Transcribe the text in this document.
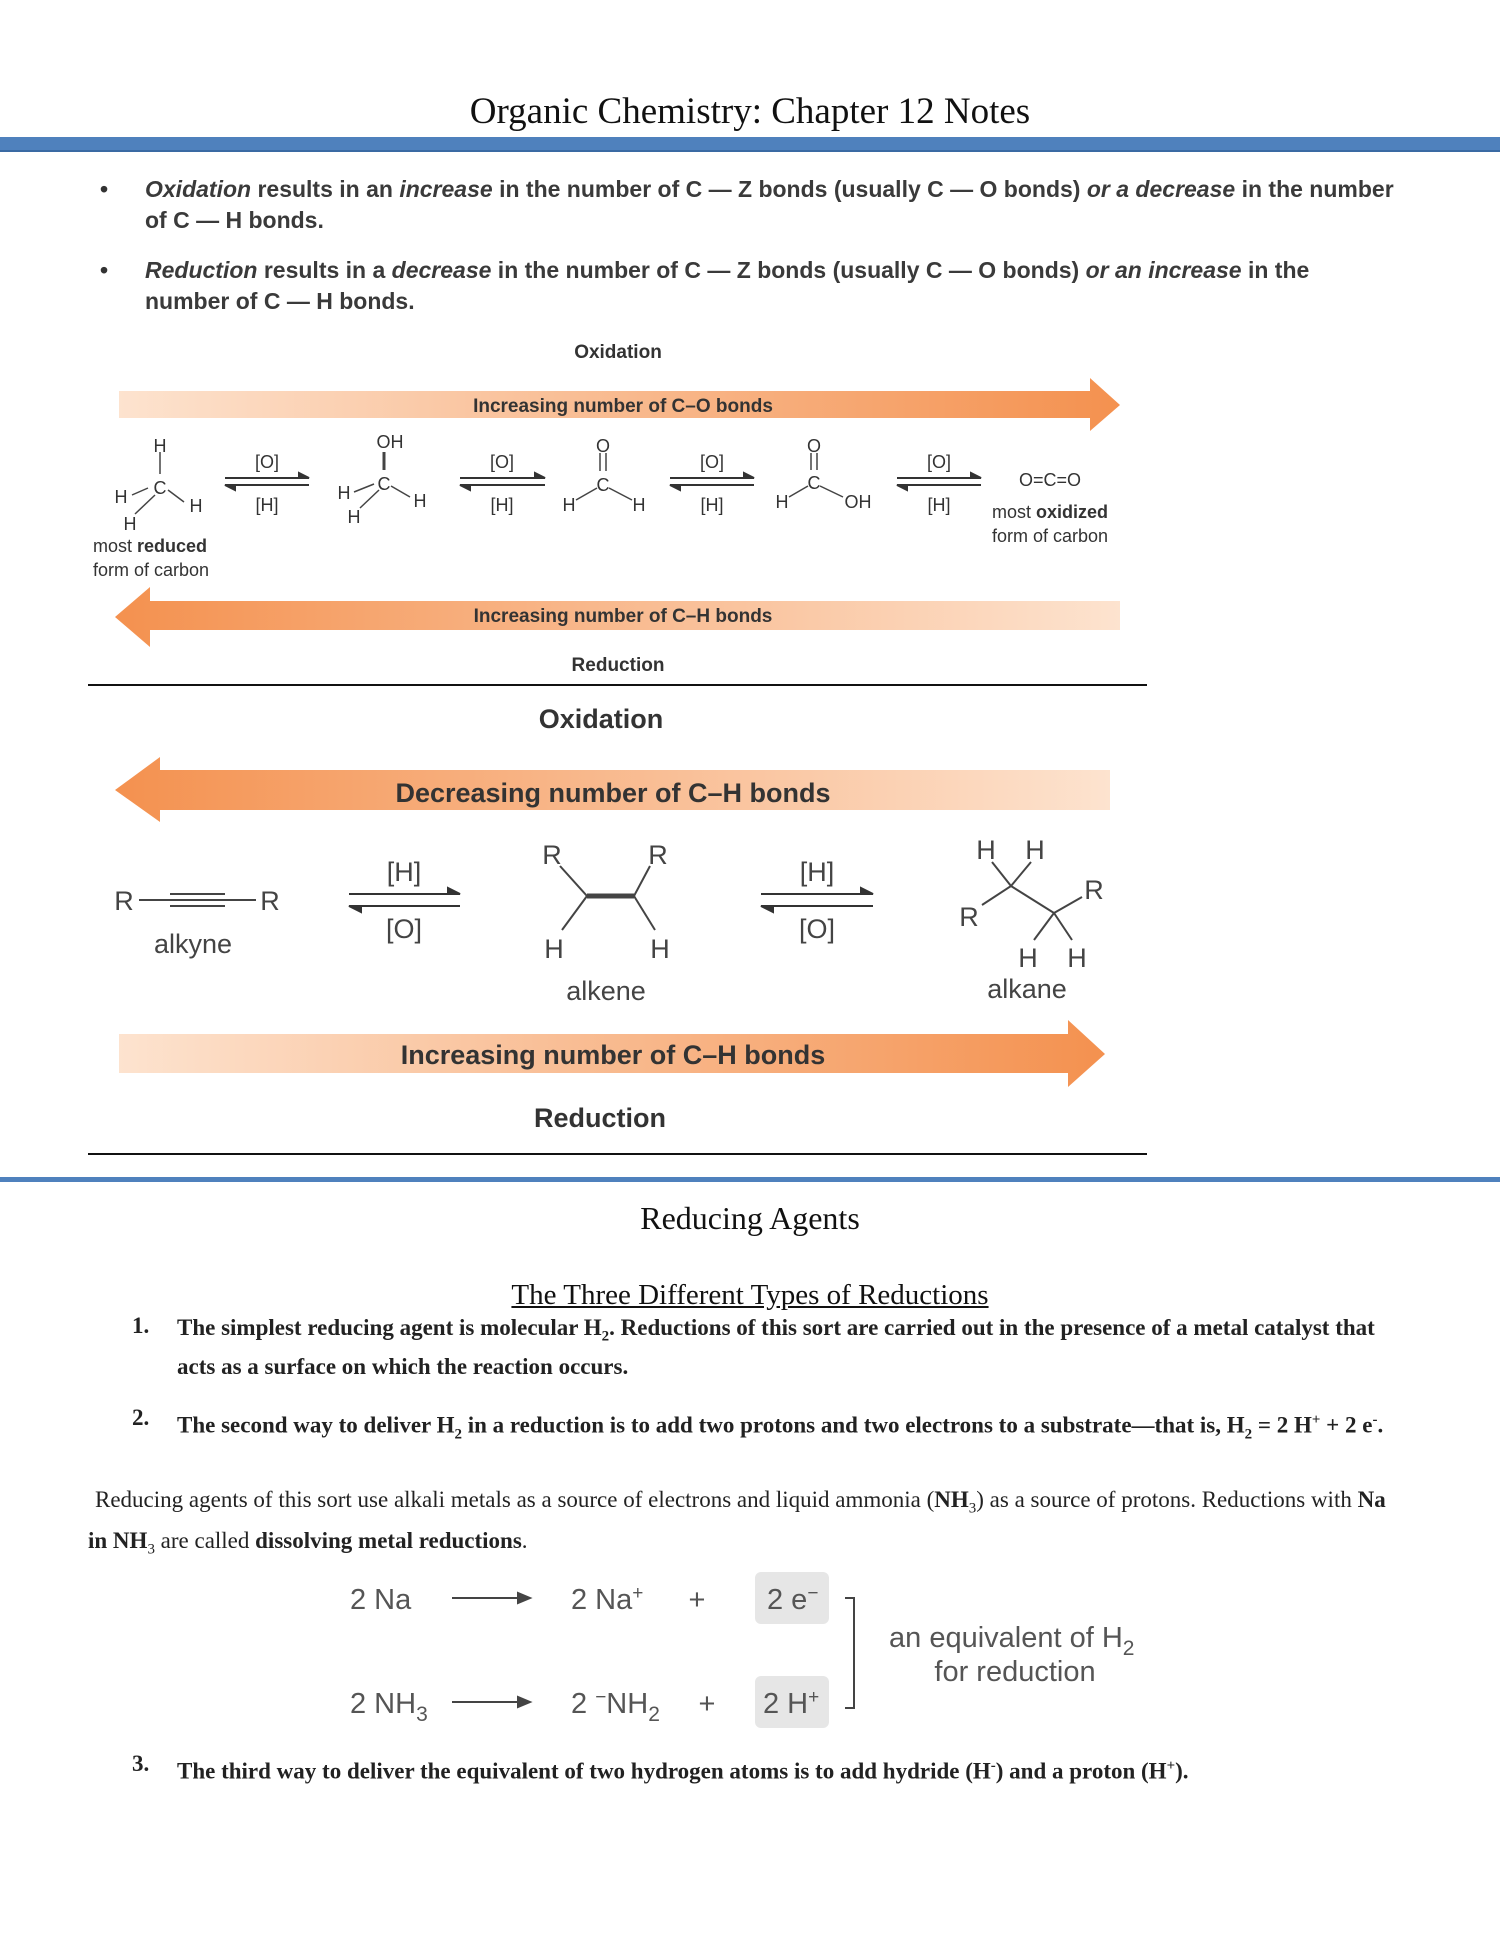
Organic Chemistry: Chapter 12 Notes
• Oxidation results in an increase in the number of C — Z bonds (usually C — O bonds) or a decrease in the number of C — H bonds.
• Reduction results in a decrease in the number of C — Z bonds (usually C — O bonds) or an increase in the number of C — H bonds.
Oxidation
Increasing number of C–O bonds
H
C
H	H
H
most reduced
form of carbon
[O]
[H]
[O]
[H]
[O]
[H]
[O]
[H]
OH
C
H	H
H
O
C
H	H
O
C
H	OH
O=C=O
most oxidized
form of carbon
Increasing number of C–H bonds
Reduction
Oxidation
Decreasing number of C–H bonds
R	R
alkyne
[H]
[O]
[H]
[O]
R	R
H	H
alkene
H H
R
R
H H
alkane
Increasing number of C–H bonds
Reduction
2 Na	2 Na+ + 2 e−
2 $NH_3$	2 $^-NH_2 + 2$ H+
an equivalent of $H_2$
for reduction
Reducing Agents
The Three Different Types of Reductions
1. The simplest reducing agent is molecular $H_2$. Reductions of this sort are carried out in the presence of a metal catalyst that acts as a surface on which the reaction occurs.
2. The second way to deliver $H_2$ in a reduction is to add two protons and two electrons to a substrate—that is, $H_2 = 2$ H+ + 2 e-.
Reducing agents of this sort use alkali metals as a source of electrons and liquid ammonia $(NH_3)$ as a source of protons. Reductions with Na in $NH_3$ are called dissolving metal reductions.
3. The third way to deliver the equivalent of two hydrogen atoms is to add hydride (H-) and a proton (H+).
